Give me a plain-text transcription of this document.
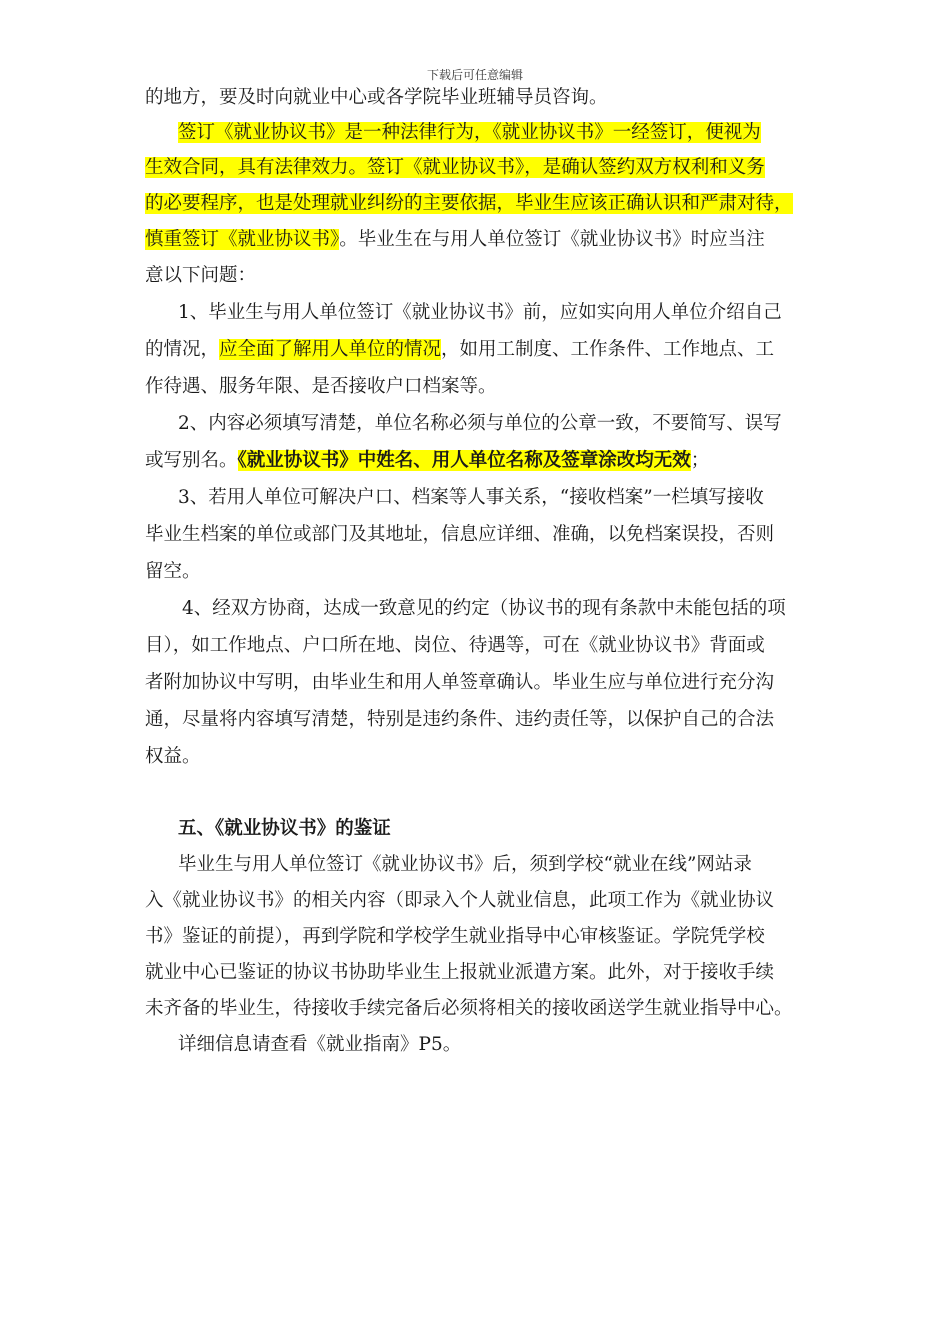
下载后可任意编辑
的地方，要及时向就业中心或各学院毕业班辅导员咨询。
签订《就业协议书》是一种法律行为，《就业协议书》一经签订，便视为
生效合同，具有法律效力。签订《就业协议书》，是确认签约双方权利和义务
的必要程序，也是处理就业纠纷的主要依据，毕业生应该正确认识和严肃对待，
慎重签订《就业协议书》。毕业生在与用人单位签订《就业协议书》时应当注
意以下问题：
1、毕业生与用人单位签订《就业协议书》前，应如实向用人单位介绍自己
的情况，应全面了解用人单位的情况，如用工制度、工作条件、工作地点、工
作待遇、服务年限、是否接收户口档案等。
2、内容必须填写清楚，单位名称必须与单位的公章一致，不要简写、误写
或写别名。《就业协议书》中姓名、用人单位名称及签章涂改均无效；
3、若用人单位可解决户口、档案等人事关系，“接收档案”一栏填写接收
毕业生档案的单位或部门及其地址，信息应详细、准确，以免档案误投，否则
留空。
4、经双方协商，达成一致意见的约定（协议书的现有条款中未能包括的项
目），如工作地点、户口所在地、岗位、待遇等，可在《就业协议书》背面或
者附加协议中写明，由毕业生和用人单签章确认。毕业生应与单位进行充分沟
通，尽量将内容填写清楚，特别是违约条件、违约责任等，以保护自己的合法
权益。
五、《就业协议书》的鉴证
毕业生与用人单位签订《就业协议书》后，须到学校“就业在线”网站录
入《就业协议书》的相关内容（即录入个人就业信息，此项工作为《就业协议
书》鉴证的前提），再到学院和学校学生就业指导中心审核鉴证。学院凭学校
就业中心已鉴证的协议书协助毕业生上报就业派遣方案。此外，对于接收手续
未齐备的毕业生，待接收手续完备后必须将相关的接收函送学生就业指导中心。
详细信息请查看《就业指南》P5。
